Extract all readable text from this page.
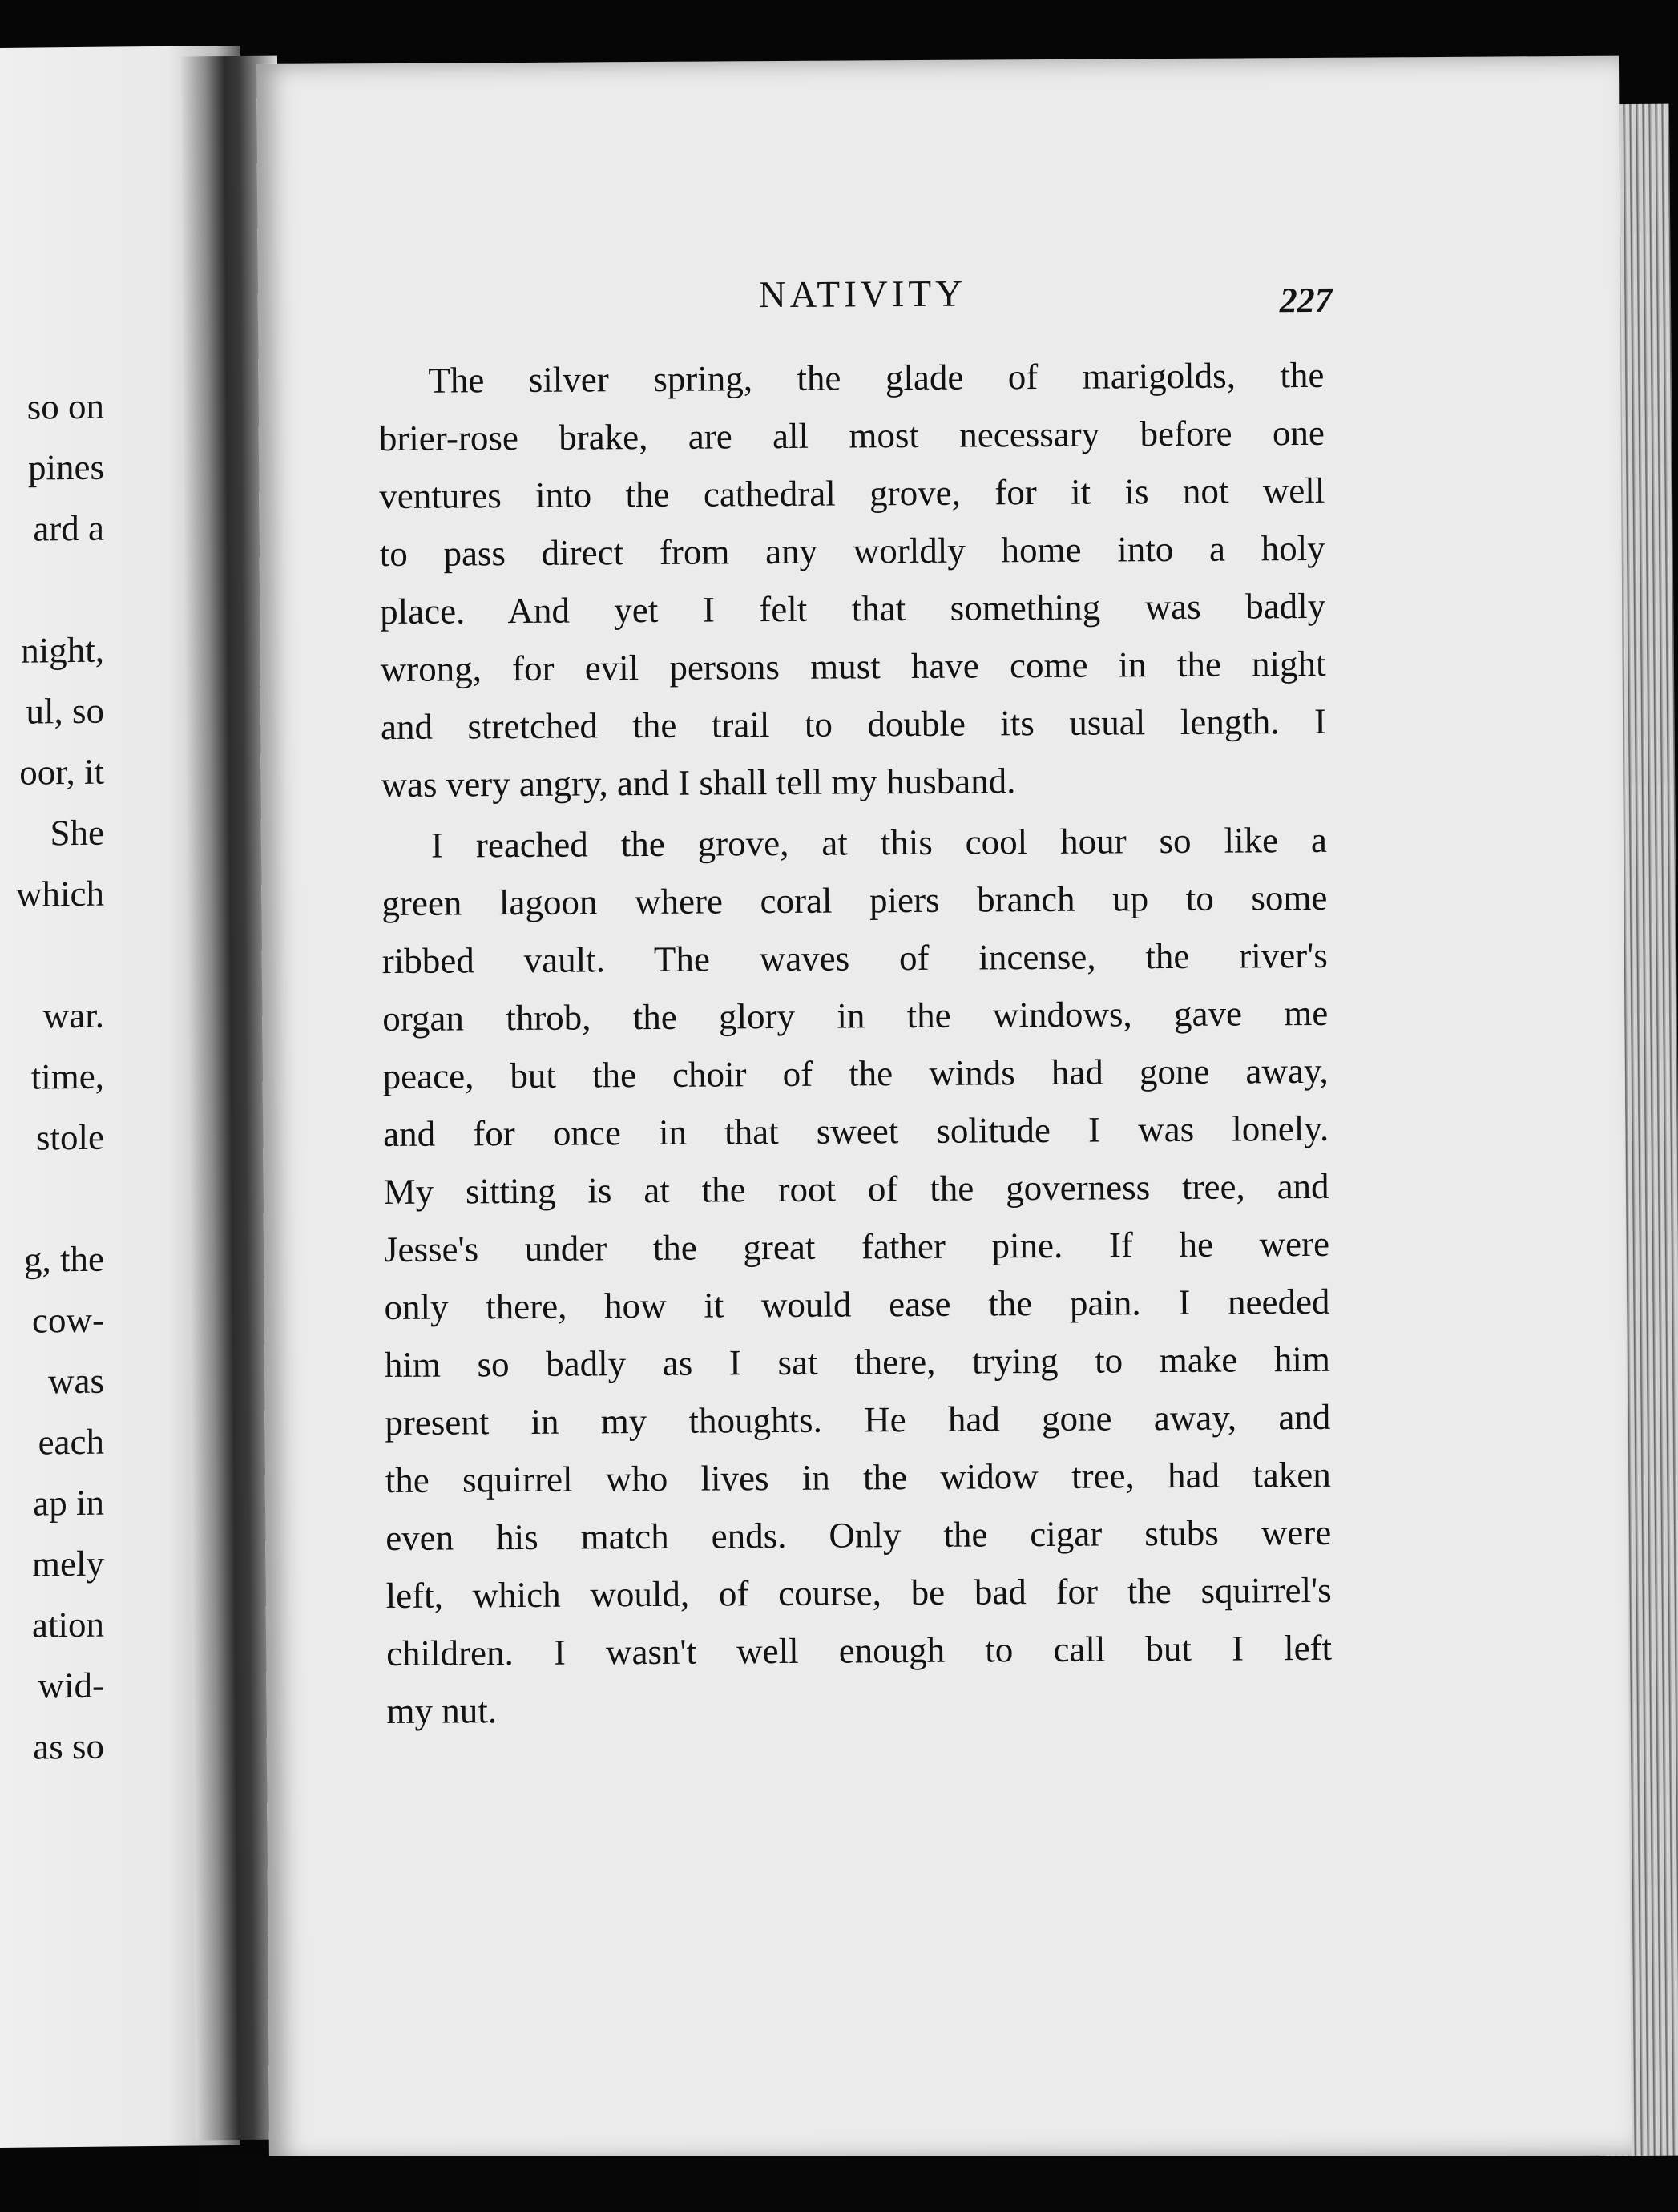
so on
pines
ard a
night,
ul, so
oor, it
She
which
war.
time,
stole
g, the
cow-
was
each
ap in
mely
ation
wid-
as so
NATIVITY	227
The silver spring, the glade of marigolds, the
brier-rose brake, are all most necessary before one
ventures into the cathedral grove, for it is not well
to pass direct from any worldly home into a holy
place. And yet I felt that something was badly
wrong, for evil persons must have come in the night
and stretched the trail to double its usual length. I
was very angry, and I shall tell my husband.
I reached the grove, at this cool hour so like a
green lagoon where coral piers branch up to some
ribbed vault. The waves of incense, the river's
organ throb, the glory in the windows, gave me
peace, but the choir of the winds had gone away,
and for once in that sweet solitude I was lonely.
My sitting is at the root of the governess tree, and
Jesse's under the great father pine. If he were
only there, how it would ease the pain. I needed
him so badly as I sat there, trying to make him
present in my thoughts. He had gone away, and
the squirrel who lives in the widow tree, had taken
even his match ends. Only the cigar stubs were
left, which would, of course, be bad for the squirrel's
children. I wasn't well enough to call but I left
my nut.
